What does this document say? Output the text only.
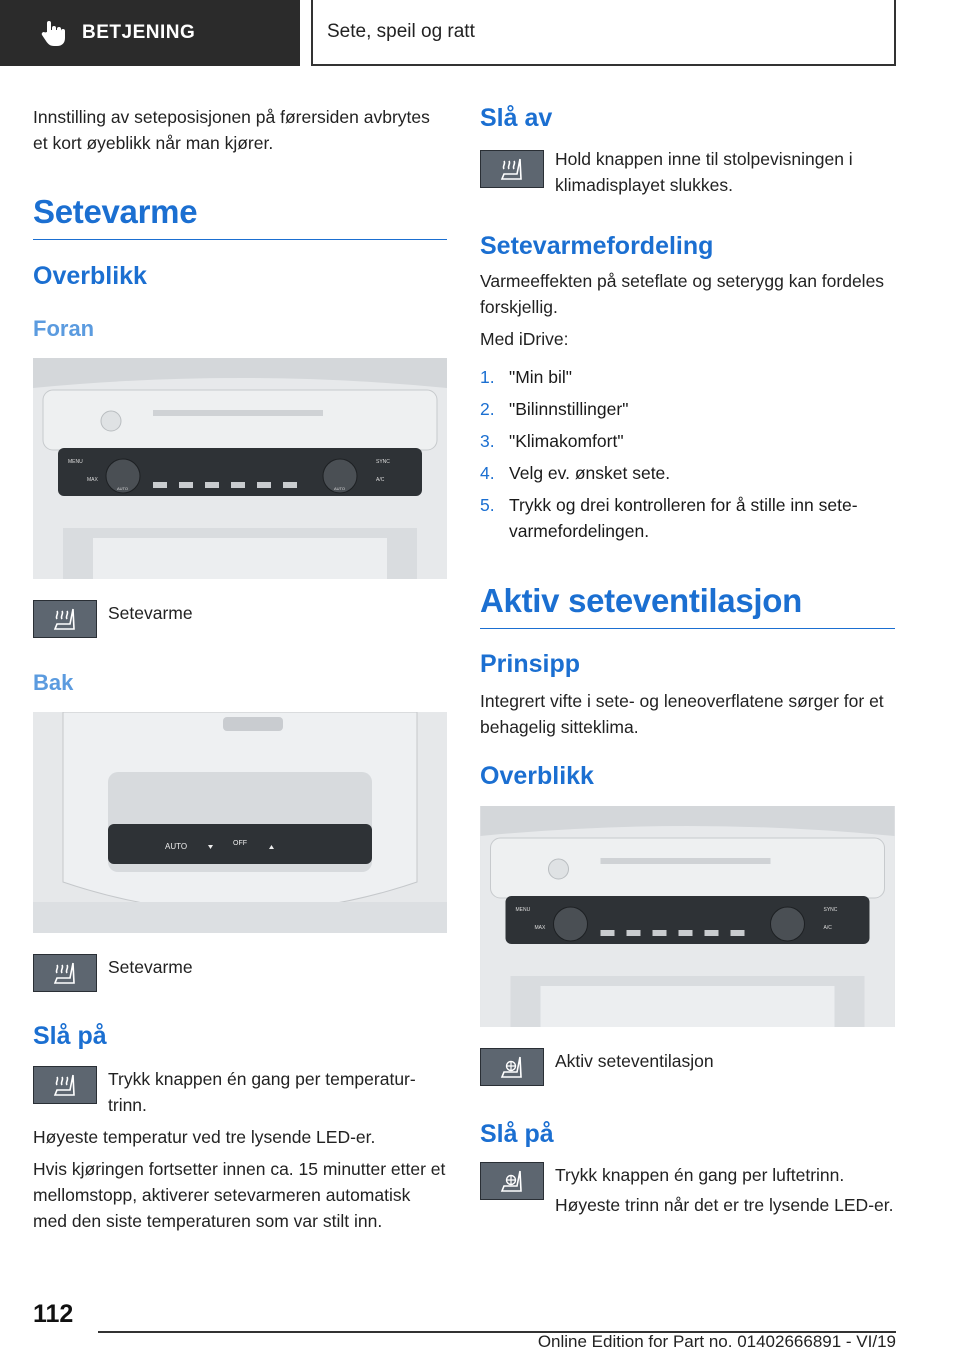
BETJENING	Sete, speil og ratt
Innstilling av seteposisjonen på førersiden avbrytes et kort øyeblikk når man kjører.
Setevarme
Overblikk
Foran
MENU
MAX
AUTO	AUTO
SYNC
A/C
Setevarme
Bak
AUTO	OFF
Setevarme
Slå på
Trykk knappen én gang per temperaturtrinn.
Høyeste temperatur ved tre lysende LED-er.
Hvis kjøringen fortsetter innen ca. 15 minutter etter et mellomstopp, aktiverer setevarmeren automatisk med den siste temperaturen som var stilt inn.
Slå av
Hold knappen inne til stolpevisningen i klimadisplayet slukkes.
Setevarmefordeling
Varmeeffekten på seteflate og seterygg kan fordeles forskjellig.
Med iDrive:
1. "Min bil"
2. "Bilinnstillinger"
3. "Klimakomfort"
4. Velg ev. ønsket sete.
5. Trykk og drei kontrolleren for å stille inn setevarmefordelingen.
Aktiv seteventilasjon
Prinsipp
Integrert vifte i sete- og leneoverflatene sørger for et behagelig sitteklima.
Overblikk
MENU
MAX
SYNC
A/C
Aktiv seteventilasjon
Slå på
Trykk knappen én gang per luftetrinn.
Høyeste trinn når det er tre lysende LED-er.
112
Online Edition for Part no. 01402666891 - VI/19
